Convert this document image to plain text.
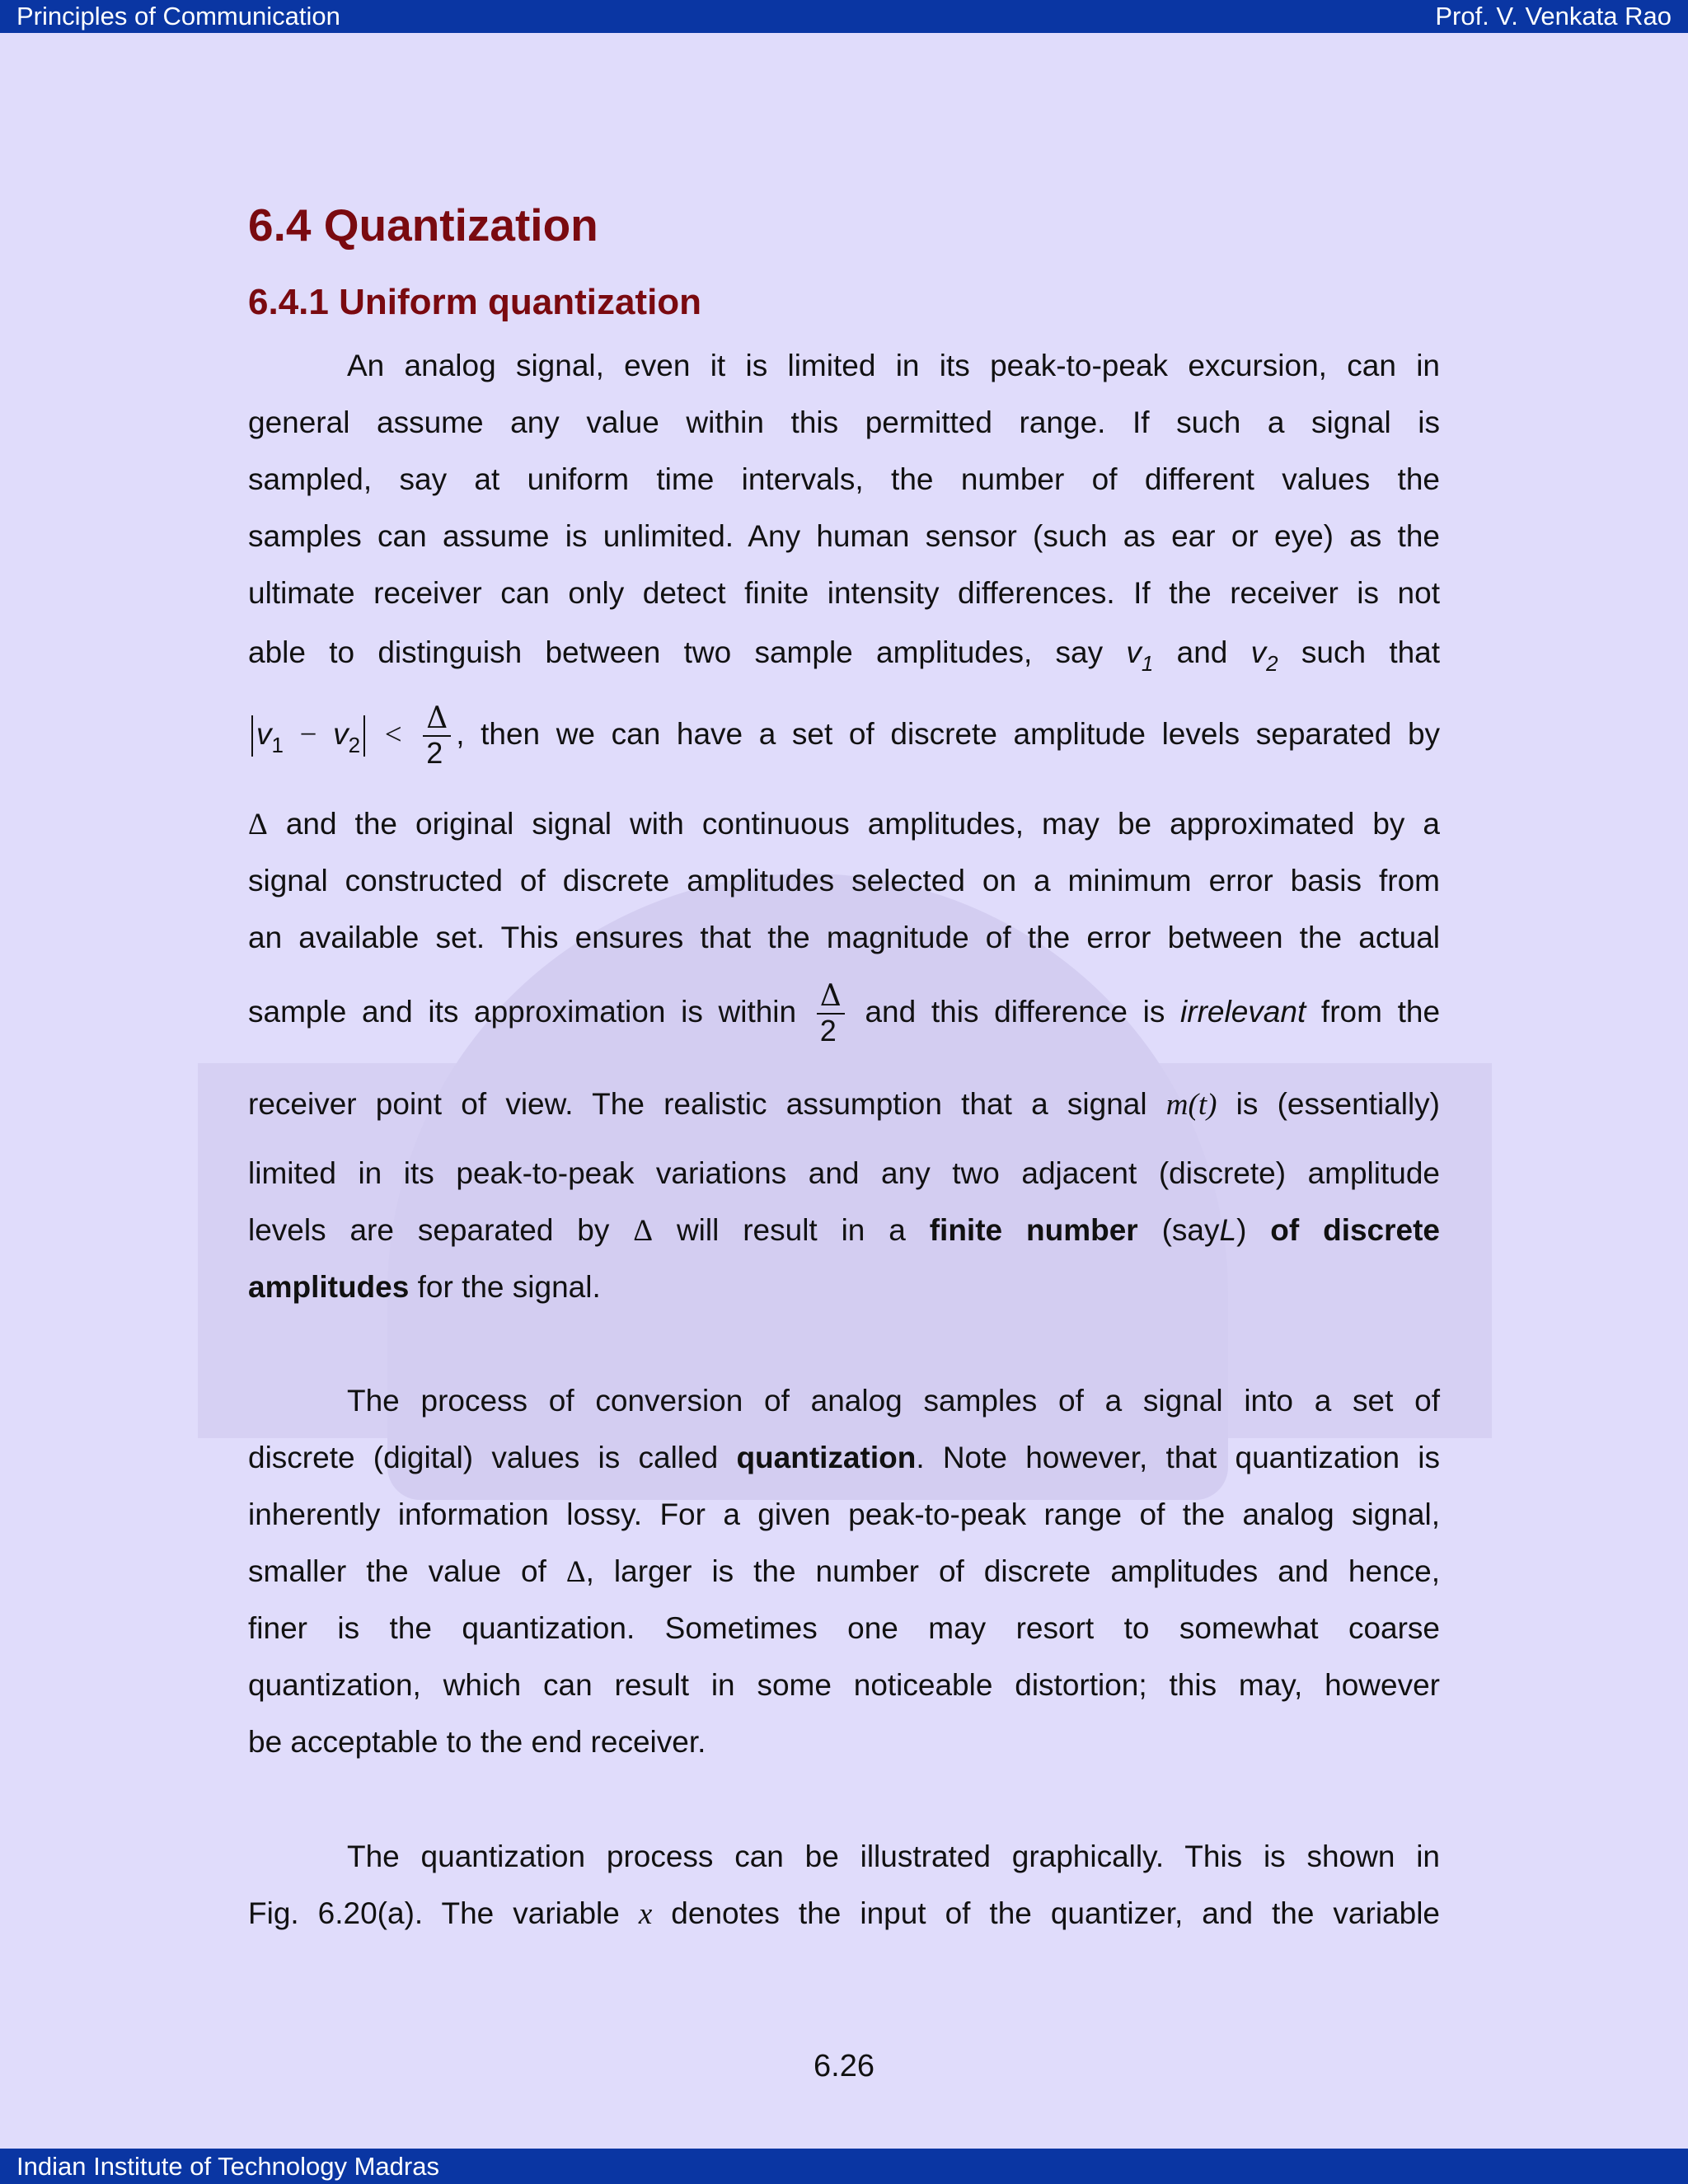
Principles of Communication	Prof. V. Venkata Rao
6.4 Quantization
6.4.1 Uniform quantization
An analog signal, even it is limited in its peak-to-peak excursion, can in
general assume any value within this permitted range. If such a signal is
sampled, say at uniform time intervals, the number of different values the
samples can assume is unlimited. Any human sensor (such as ear or eye) as the
ultimate receiver can only detect finite intensity differences. If the receiver is not
able to distinguish between two sample amplitudes, say $v_1$ and $v_2$ such that
$v_1 - v_2 < \frac{\Delta}{2}$ , then we can have a set of discrete amplitude levels separated by
Δ and the original signal with continuous amplitudes, may be approximated by a
signal constructed of discrete amplitudes selected on a minimum error basis from
an available set. This ensures that the magnitude of the error between the actual
sample and its approximation is within $\frac{\Delta}{2}$ and this difference is irrelevant from the
receiver point of view. The realistic assumption that a signal m(t) is (essentially)
limited in its peak-to-peak variations and any two adjacent (discrete) amplitude
levels are separated by Δ will result in a finite number (sayL) of discrete
amplitudes for the signal.
The process of conversion of analog samples of a signal into a set of
discrete (digital) values is called quantization. Note however, that quantization is
inherently information lossy. For a given peak-to-peak range of the analog signal,
smaller the value of Δ, larger is the number of discrete amplitudes and hence,
finer is the quantization. Sometimes one may resort to somewhat coarse
quantization, which can result in some noticeable distortion; this may, however
be acceptable to the end receiver.
The quantization process can be illustrated graphically. This is shown in
Fig. 6.20(a). The variable x denotes the input of the quantizer, and the variable
6.26
Indian Institute of Technology Madras
